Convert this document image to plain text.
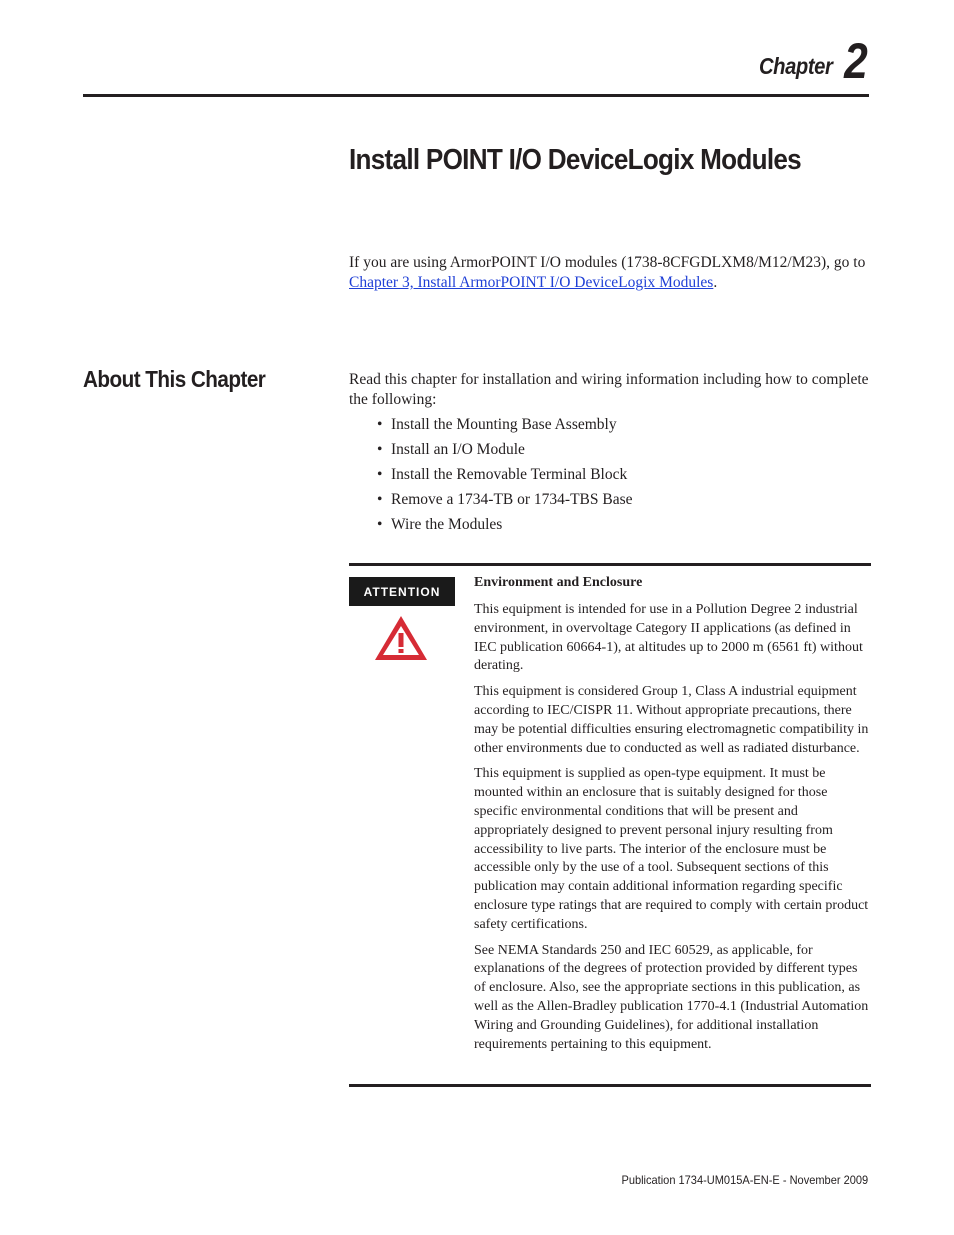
Chapter 2
Install POINT I/O DeviceLogix Modules

If you are using ArmorPOINT I/O modules (1738-8CFGDLXM8/M12/M23), go to Chapter 3, Install ArmorPOINT I/O DeviceLogix Modules.

About This Chapter	Read this chapter for installation and wiring information including how to complete the following:

• Install the Mounting Base Assembly
• Install an I/O Module
• Install the Removable Terminal Block
• Remove a 1734-TB or 1734-TBS Base
• Wire the Modules
ATTENTION

Environment and Enclosure

This equipment is intended for use in a Pollution Degree 2 industrial environment, in overvoltage Category II applications (as defined in IEC publication 60664-1), at altitudes up to 2000 m (6561 ft) without derating.

This equipment is considered Group 1, Class A industrial equipment according to IEC/CISPR 11. Without appropriate precautions, there may be potential difficulties ensuring electromagnetic compatibility in other environments due to conducted as well as radiated disturbance.

This equipment is supplied as open-type equipment. It must be mounted within an enclosure that is suitably designed for those specific environmental conditions that will be present and appropriately designed to prevent personal injury resulting from accessibility to live parts. The interior of the enclosure must be accessible only by the use of a tool. Subsequent sections of this publication may contain additional information regarding specific enclosure type ratings that are required to comply with certain product safety certifications.

See NEMA Standards 250 and IEC 60529, as applicable, for explanations of the degrees of protection provided by different types of enclosure. Also, see the appropriate sections in this publication, as well as the Allen-Bradley publication 1770-4.1 (Industrial Automation Wiring and Grounding Guidelines), for additional installation requirements pertaining to this equipment.

Publication 1734-UM015A-EN-E - November 2009
